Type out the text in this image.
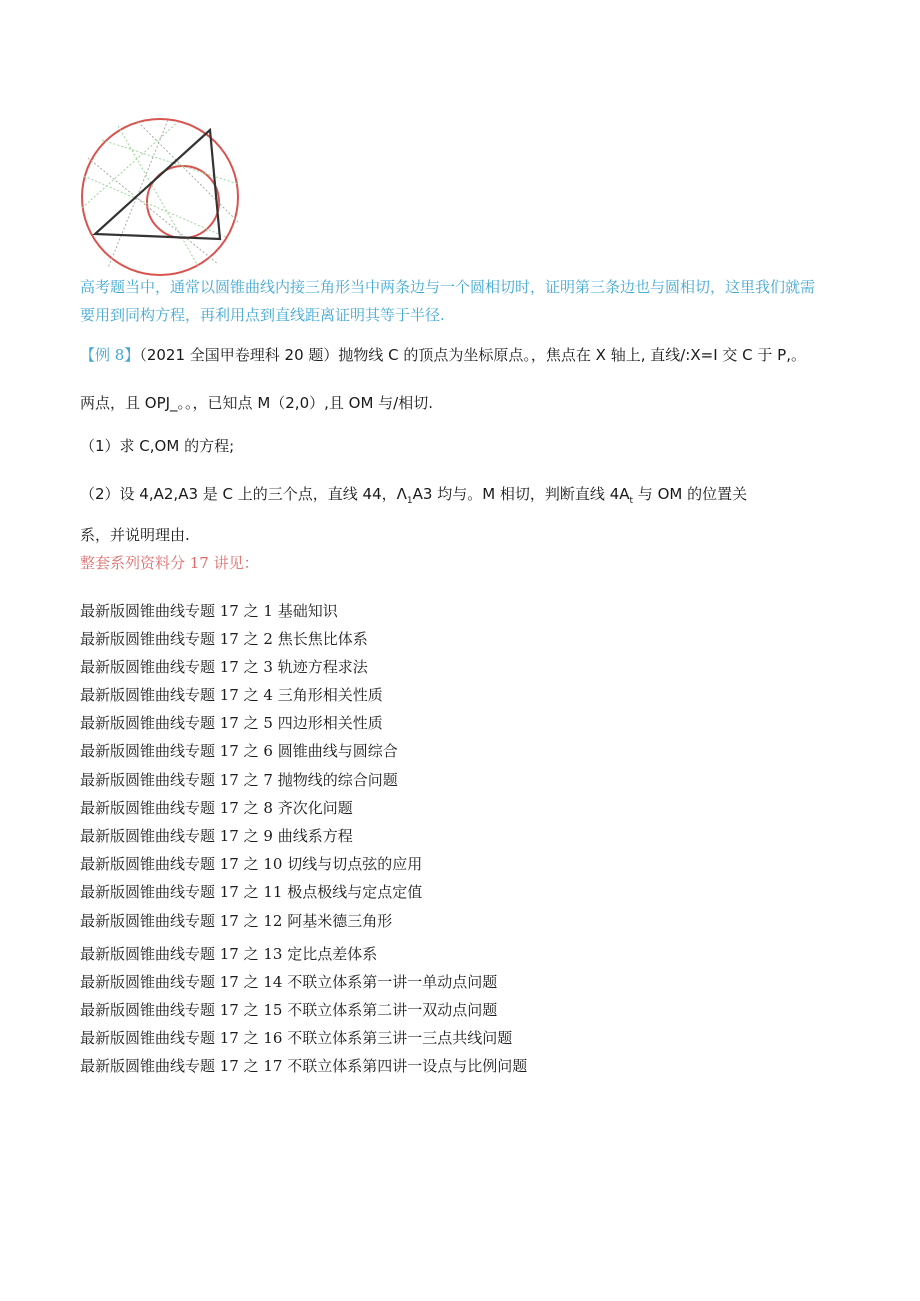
高考题当中，通常以圆锥曲线内接三角形当中两条边与一个圆相切时，证明第三条边也与圆相切，这里我们就需
要用到同构方程，再利用点到直线距离证明其等于半径.
【例 8】（2021 全国甲卷理科 20 题）抛物线 C 的顶点为坐标原点。，焦点在 X 轴上, 直线/:X=I 交 C 于 P,。
两点，且 OPJ_。。，已知点 M（2,0）,且 OM 与/相切.
（1）求 C,OM 的方程;
（2）设 4,A2,A3 是 C 上的三个点，直线 44，$\Lambda_1A3$ 均与。M 相切，判断直线 $4A_t$ 与 OM 的位置关
系，并说明理由.
整套系列资料分 17 讲见：
最新版圆锥曲线专题 17 之 1 基础知识
最新版圆锥曲线专题 17 之 2 焦长焦比体系
最新版圆锥曲线专题 17 之 3 轨迹方程求法
最新版圆锥曲线专题 17 之 4 三角形相关性质
最新版圆锥曲线专题 17 之 5 四边形相关性质
最新版圆锥曲线专题 17 之 6 圆锥曲线与圆综合
最新版圆锥曲线专题 17 之 7 抛物线的综合问题
最新版圆锥曲线专题 17 之 8 齐次化问题
最新版圆锥曲线专题 17 之 9 曲线系方程
最新版圆锥曲线专题 17 之 10 切线与切点弦的应用
最新版圆锥曲线专题 17 之 11 极点极线与定点定值
最新版圆锥曲线专题 17 之 12 阿基米德三角形
最新版圆锥曲线专题 17 之 13 定比点差体系
最新版圆锥曲线专题 17 之 14 不联立体系第一讲一单动点问题
最新版圆锥曲线专题 17 之 15 不联立体系第二讲一双动点问题
最新版圆锥曲线专题 17 之 16 不联立体系第三讲一三点共线问题
最新版圆锥曲线专题 17 之 17 不联立体系第四讲一设点与比例问题
